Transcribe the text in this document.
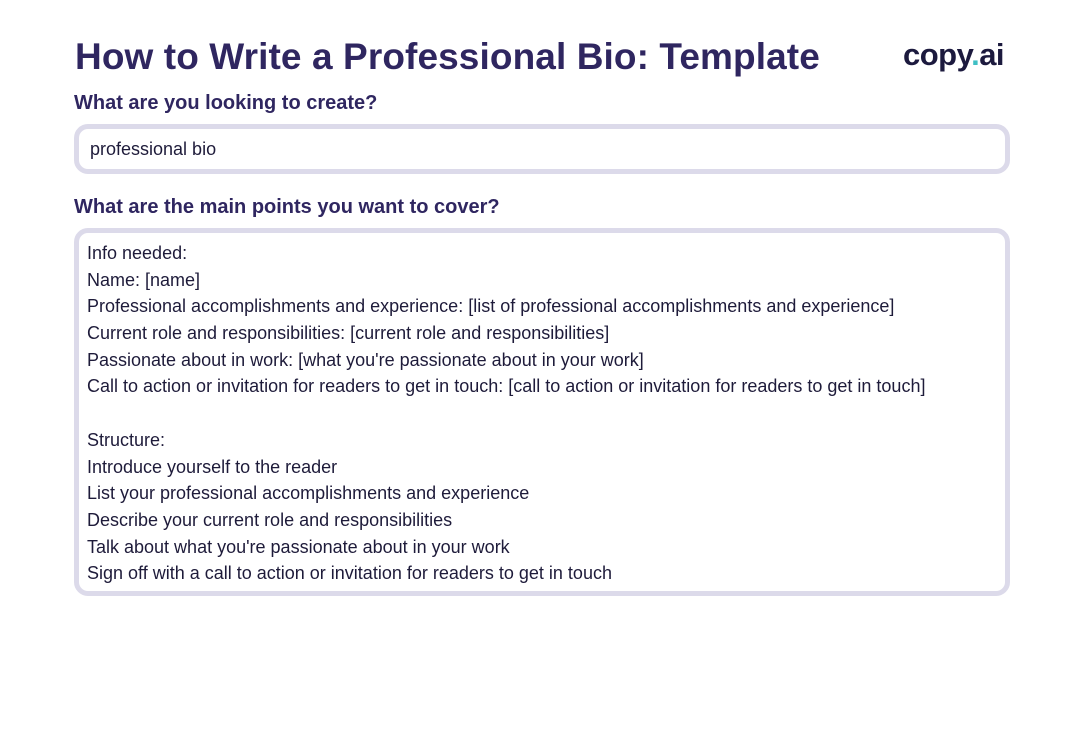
How to Write a Professional Bio: Template	copy.ai
What are you looking to create?
professional bio
What are the main points you want to cover?
Info needed:
Name: [name]
Professional accomplishments and experience: [list of professional accomplishments and experience]
Current role and responsibilities: [current role and responsibilities]
Passionate about in work: [what you're passionate about in your work]
Call to action or invitation for readers to get in touch: [call to action or invitation for readers to get in touch]
Structure:
Introduce yourself to the reader
List your professional accomplishments and experience
Describe your current role and responsibilities
Talk about what you're passionate about in your work
Sign off with a call to action or invitation for readers to get in touch
